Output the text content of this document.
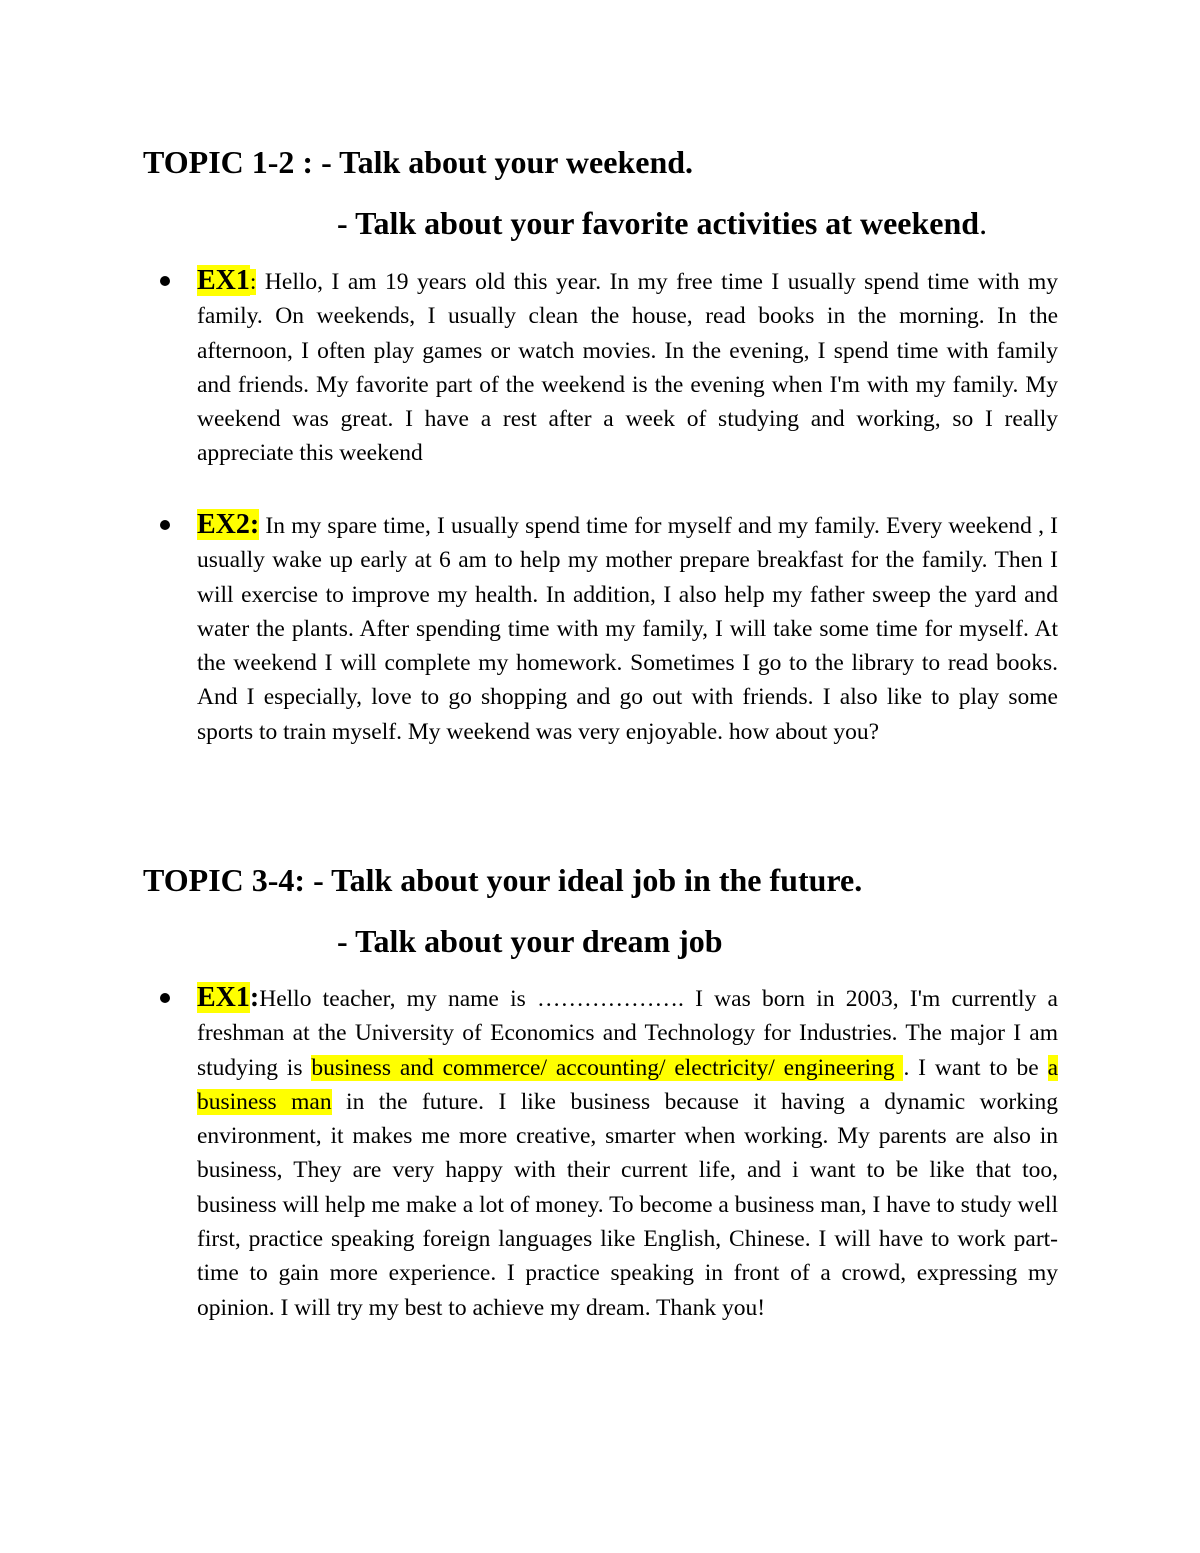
TOPIC 1-2 : - Talk about your weekend.
- Talk about your favorite activities at weekend.
EX1: Hello, I am 19 years old this year. In my free time I usually spend time with my family. On weekends, I usually clean the house, read books in the morning. In the afternoon, I often play games or watch movies. In the evening, I spend time with family and friends. My favorite part of the weekend is the evening when I'm with my family. My weekend was great. I have a rest after a week of studying and working, so I really appreciate this weekend
EX2: In my spare time, I usually spend time for myself and my family. Every weekend , I usually wake up early at 6 am to help my mother prepare breakfast for the family. Then I will exercise to improve my health. In addition, I also help my father sweep the yard and water the plants. After spending time with my family, I will take some time for myself. At the weekend I will complete my homework. Sometimes I go to the library to read books. And I especially, love to go shopping and go out with friends. I also like to play some sports to train myself. My weekend was very enjoyable. how about you?
TOPIC 3-4: - Talk about your ideal job in the future.
- Talk about your dream job
EX1:Hello teacher, my name is ………………. I was born in 2003, I'm currently a freshman at the University of Economics and Technology for Industries. The major I am studying is business and commerce/ accounting/ electricity/ engineering . I want to be a business man in the future. I like business because it having a dynamic working environment, it makes me more creative, smarter when working. My parents are also in business, They are very happy with their current life, and i want to be like that too, business will help me make a lot of money. To become a business man, I have to study well first, practice speaking foreign languages like English, Chinese. I will have to work part-time to gain more experience. I practice speaking in front of a crowd, expressing my opinion. I will try my best to achieve my dream. Thank you!
